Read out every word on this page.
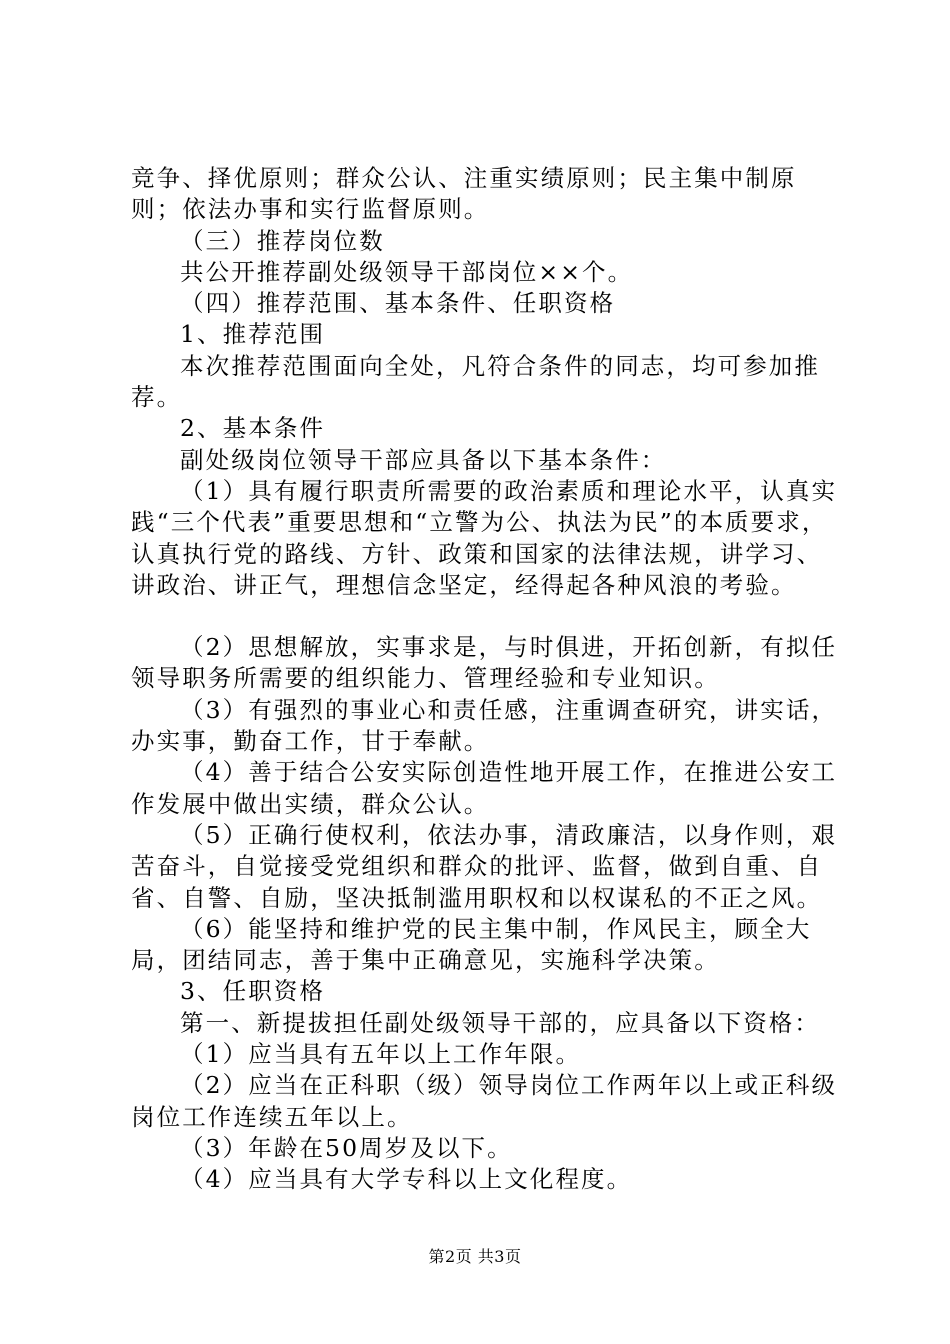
竞争、择优原则；群众公认、注重实绩原则；民主集中制原则；依法办事和实行监督原则。

（三）推荐岗位数

共公开推荐副处级领导干部岗位××个。

（四）推荐范围、基本条件、任职资格

1、推荐范围

本次推荐范围面向全处，凡符合条件的同志，均可参加推荐。

2、基本条件

副处级岗位领导干部应具备以下基本条件：

（1）具有履行职责所需要的政治素质和理论水平，认真实践“三个代表”重要思想和“立警为公、执法为民”的本质要求，认真执行党的路线、方针、政策和国家的法律法规，讲学习、讲政治、讲正气，理想信念坚定，经得起各种风浪的考验。

（2）思想解放，实事求是，与时俱进，开拓创新，有拟任领导职务所需要的组织能力、管理经验和专业知识。

（3）有强烈的事业心和责任感，注重调查研究，讲实话，办实事，勤奋工作，甘于奉献。

（4）善于结合公安实际创造性地开展工作，在推进公安工作发展中做出实绩，群众公认。

（5）正确行使权利，依法办事，清政廉洁，以身作则，艰苦奋斗，自觉接受党组织和群众的批评、监督，做到自重、自省、自警、自励，坚决抵制滥用职权和以权谋私的不正之风。

（6）能坚持和维护党的民主集中制，作风民主，顾全大局，团结同志，善于集中正确意见，实施科学决策。

3、任职资格

第一、新提拔担任副处级领导干部的，应具备以下资格：

（1）应当具有五年以上工作年限。

（2）应当在正科职（级）领导岗位工作两年以上或正科级岗位工作连续五年以上。

（3）年龄在50周岁及以下。

（4）应当具有大学专科以上文化程度。

第2页 共3页
